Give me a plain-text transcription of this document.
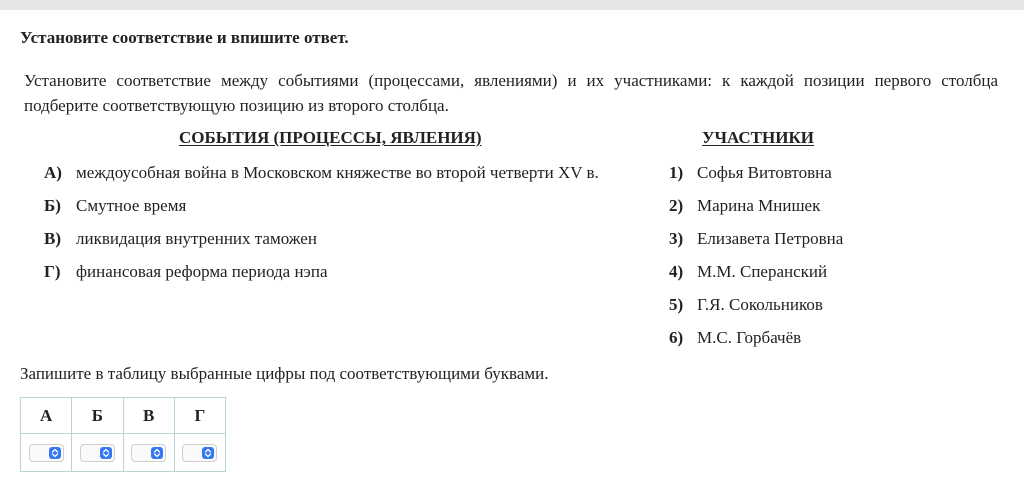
Установите соответствие и впишите ответ.
Установите соответствие между событиями (процессами, явлениями) и их участниками: к каждой позиции первого столбца подберите соответствующую позицию из второго столбца.
СОБЫТИЯ (ПРОЦЕССЫ, ЯВЛЕНИЯ)	УЧАСТНИКИ
А) междоусобная война в Московском княжестве во второй четверти XV в.
Б) Смутное время
В) ликвидация внутренних таможен
Г) финансовая реформа периода нэпа
1) Софья Витовтовна
2) Марина Мнишек
3) Елизавета Петровна
4) М.М. Сперанский
5) Г.Я. Сокольников
6) М.С. Горбачёв
Запишите в таблицу выбранные цифры под соответствующими буквами.
А	Б	В	Г
